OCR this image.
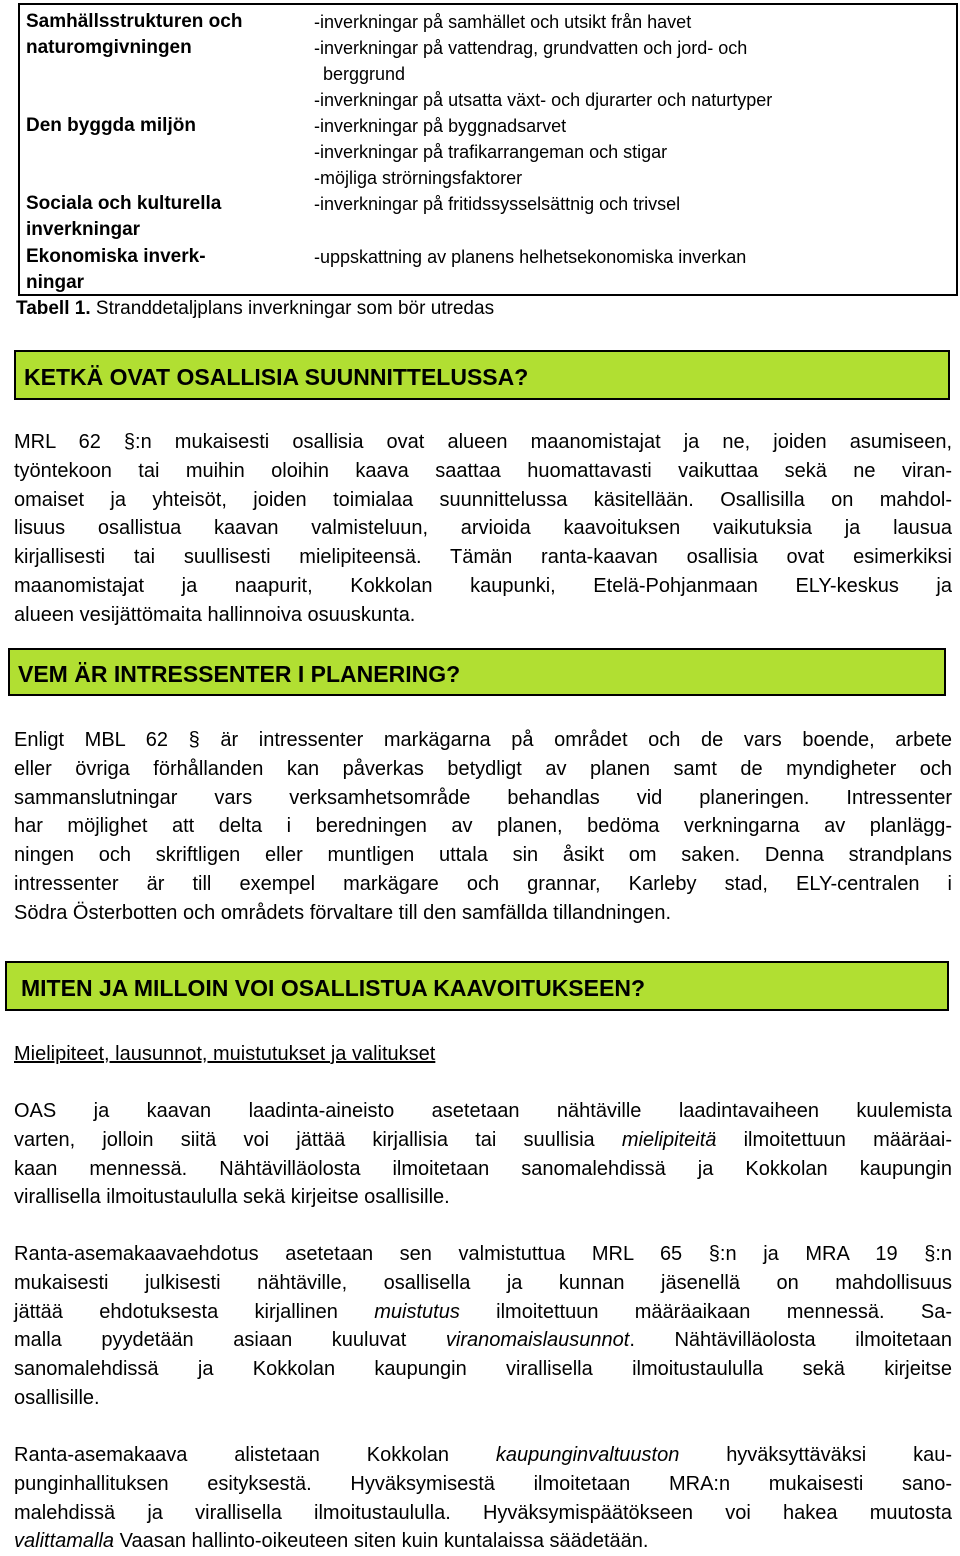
Samhällsstrukturen och
naturomgivningen
-inverkningar på samhället och utsikt från havet
-inverkningar på vattendrag, grundvatten och jord- och
berggrund
-inverkningar på utsatta växt- och djurarter och naturtyper
Den byggda miljön	-inverkningar på byggnadsarvet
-inverkningar på trafikarrangeman och stigar
-möjliga strörningsfaktorer
Sociala och kulturella
inverkningar
-inverkningar på fritidssysselsättnig och trivsel
Ekonomiska inverk-
ningar
-uppskattning av planens helhetsekonomiska inverkan
Tabell 1. Stranddetaljplans inverkningar som bör utredas
KETKÄ OVAT OSALLISIA SUUNNITTELUSSA?
MRL 62 §:n mukaisesti osallisia ovat alueen maanomistajat ja ne, joiden asumiseen,
työntekoon tai muihin oloihin kaava saattaa huomattavasti vaikuttaa sekä ne viran-
omaiset ja yhteisöt, joiden toimialaa suunnittelussa käsitellään. Osallisilla on mahdol-
lisuus osallistua kaavan valmisteluun, arvioida kaavoituksen vaikutuksia ja lausua
kirjallisesti tai suullisesti mielipiteensä. Tämän ranta-kaavan osallisia ovat esimerkiksi
maanomistajat ja naapurit, Kokkolan kaupunki, Etelä-Pohjanmaan ELY-keskus ja
alueen vesijättömaita hallinnoiva osuuskunta.
VEM ÄR INTRESSENTER I PLANERING?
Enligt MBL 62 § är intressenter markägarna på området och de vars boende, arbete
eller övriga förhållanden kan påverkas betydligt av planen samt de myndigheter och
sammanslutningar vars verksamhetsområde behandlas vid planeringen. Intressenter
har möjlighet att delta i beredningen av planen, bedöma verkningarna av planlägg-
ningen och skriftligen eller muntligen uttala sin åsikt om saken. Denna strandplans
intressenter är till exempel markägare och grannar, Karleby stad, ELY-centralen i
Södra Österbotten och områdets förvaltare till den samfällda tillandningen.
MITEN JA MILLOIN VOI OSALLISTUA KAAVOITUKSEEN?
Mielipiteet, lausunnot, muistutukset ja valitukset
OAS ja kaavan laadinta-aineisto asetetaan nähtäville laadintavaiheen kuulemista
varten, jolloin siitä voi jättää kirjallisia tai suullisia mielipiteitä ilmoitettuun määräai-
kaan mennessä. Nähtävilläolosta ilmoitetaan sanomalehdissä ja Kokkolan kaupungin
virallisella ilmoitustaululla sekä kirjeitse osallisille.
Ranta-asemakaavaehdotus asetetaan sen valmistuttua MRL 65 §:n ja MRA 19 §:n
mukaisesti julkisesti nähtäville, osallisella ja kunnan jäsenellä on mahdollisuus
jättää ehdotuksesta kirjallinen muistutus ilmoitettuun määräaikaan mennessä. Sa-
malla pyydetään asiaan kuuluvat viranomaislausunnot. Nähtävilläolosta ilmoitetaan
sanomalehdissä ja Kokkolan kaupungin virallisella ilmoitustaululla sekä kirjeitse
osallisille.
Ranta-asemakaava alistetaan Kokkolan kaupunginvaltuuston hyväksyttäväksi kau-
punginhallituksen esityksestä. Hyväksymisestä ilmoitetaan MRA:n mukaisesti sano-
malehdissä ja virallisella ilmoitustaululla. Hyväksymispäätökseen voi hakea muutosta
valittamalla Vaasan hallinto-oikeuteen siten kuin kuntalaissa säädetään.
